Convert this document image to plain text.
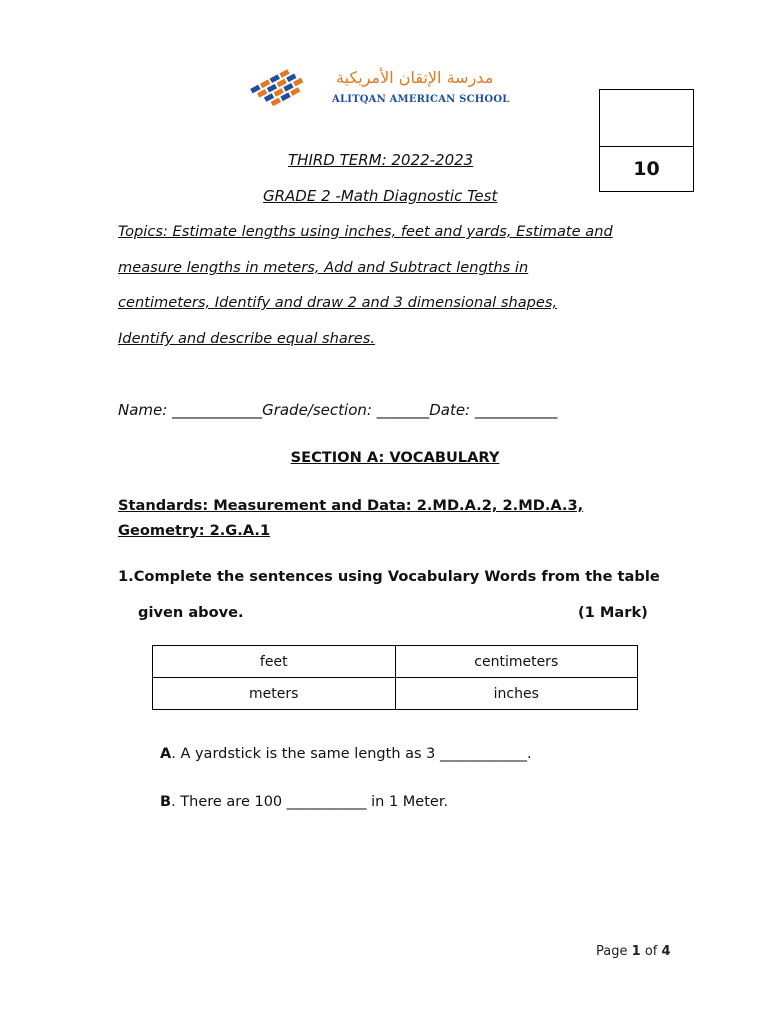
مدرسة الإتقان الأمريكية
ALITQAN AMERICAN SCHOOL
10
THIRD TERM: 2022-2023
GRADE 2 -Math Diagnostic Test
Topics: Estimate lengths using inches, feet and yards, Estimate and
measure lengths in meters, Add and Subtract lengths in
centimeters, Identify and draw 2 and 3 dimensional shapes,
Identify and describe equal shares.
Name: ____________Grade/section: _______Date: ___________
SECTION A: VOCABULARY
Standards: Measurement and Data: 2.MD.A.2, 2.MD.A.3,
Geometry: 2.G.A.1
1.Complete the sentences using Vocabulary Words from the table
given above.	(1 Mark)
feet	centimeters
meters	inches
A. A yardstick is the same length as 3 ____________.
B. There are 100 ___________ in 1 Meter.
Page 1 of 4
